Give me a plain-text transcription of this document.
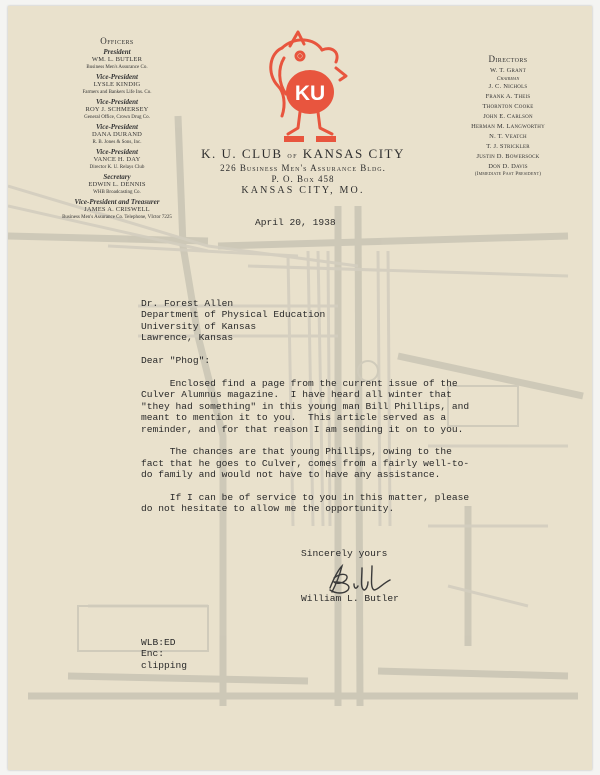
Officers
President
WM. L. BUTLER
Business Men's Assurance Co.
Vice-President
LYSLE KINDIG
Farmers and Bankers Life Ins. Co.
Vice-President
ROY J. SCHMERSEY
General Office, Crown Drug Co.
Vice-President
DANA DURAND
R. B. Jones & Sons, Inc.
Vice-President
VANCE H. DAY
Director K. U. Relays Club
Secretary
EDWIN L. DENNIS
WHB Broadcasting Co.
Vice-President and Treasurer
JAMES A. CRISWELL
Business Men's Assurance Co. Telephone, VIctor 7225
KU
K. U. CLUB of KANSAS CITY
226 Business Men's Assurance Bldg.
P. O. Box 458
KANSAS CITY, MO.
Directors
W. T. Grant
Chairman
J. C. Nichols
Frank A. Theis
Thornton Cooke
John E. Carlson
Herman M. Langworthy
N. T. Veatch
T. J. Strickler
Justin D. Bowersock
Don D. Davis
(Immediate Past President)
April 20, 1938
Dr. Forest Allen
Department of Physical Education
University of Kansas
Lawrence, Kansas
Dear "Phog":
Enclosed find a page from the current issue of the
Culver Alumnus magazine.  I have heard all winter that
"they had something" in this young man Bill Phillips, and
meant to mention it to you.  This article served as a
reminder, and for that reason I am sending it on to you.
The chances are that young Phillips, owing to the
fact that he goes to Culver, comes from a fairly well-to-
do family and would not have to have any assistance.
If I can be of service to you in this matter, please
do not hesitate to allow me the opportunity.
Sincerely yours
William L. Butler
WLB:ED
Enc:
clipping
